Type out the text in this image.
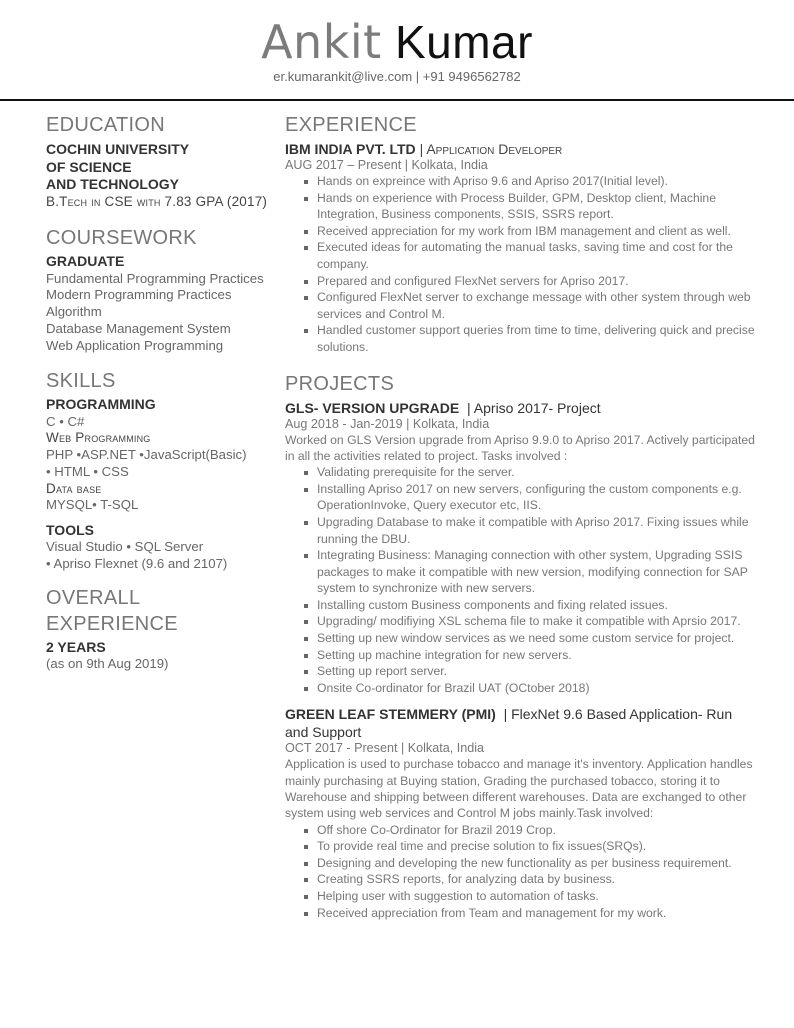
Ankit Kumar
er.kumarankit@live.com | +91 9496562782
EDUCATION
COCHIN UNIVERSITY
OF SCIENCE
AND TECHNOLOGY
B.Tech in CSE with 7.83 GPA (2017)
COURSEWORK
GRADUATE
Fundamental Programming Practices
Modern Programming Practices
Algorithm
Database Management System
Web Application Programming
SKILLS
PROGRAMMING
C • C#
Web Programming
PHP •ASP.NET •JavaScript(Basic)
• HTML • CSS
Data base
MYSQL• T-SQL
TOOLS
Visual Studio • SQL Server
• Apriso Flexnet (9.6 and 2107)
OVERALL EXPERIENCE
2 YEARS
(as on 9th Aug 2019)
EXPERIENCE
IBM INDIA PVT. LTD | Application Developer
AUG 2017 – Present | Kolkata, India
Hands on expreince with Apriso 9.6 and Apriso 2017(Initial level).
Hands on experience with Process Builder, GPM, Desktop client, Machine Integration, Business components, SSIS, SSRS report.
Received appreciation for my work from IBM management and client as well.
Executed ideas for automating the manual tasks, saving time and cost for the company.
Prepared and configured FlexNet servers for Apriso 2017.
Configured FlexNet server to exchange message with other system through web services and Control M.
Handled customer support queries from time to time, delivering quick and precise solutions.
PROJECTS
GLS- VERSION UPGRADE | Apriso 2017- Project
Aug 2018 - Jan-2019 | Kolkata, India
Worked on GLS Version upgrade from Apriso 9.9.0 to Apriso 2017. Actively participated in all the activities related to project. Tasks involved :
Validating prerequisite for the server.
Installing Apriso 2017 on new servers, configuring the custom components e.g. OperationInvoke, Query executor etc, IIS.
Upgrading Database to make it compatible with Apriso 2017. Fixing issues while running the DBU.
Integrating Business: Managing connection with other system, Upgrading SSIS packages to make it compatible with new version, modifying connection for SAP system to synchronize with new servers.
Installing custom Business components and fixing related issues.
Upgrading/ modifiying XSL schema file to make it compatible with Aprsio 2017.
Setting up new window services as we need some custom service for project.
Setting up machine integration for new servers.
Setting up report server.
Onsite Co-ordinator for Brazil UAT (OCtober 2018)
GREEN LEAF STEMMERY (PMI) | FlexNet 9.6 Based Application- Run and Support
OCT 2017 - Present | Kolkata, India
Application is used to purchase tobacco and manage it's inventory. Application handles mainly purchasing at Buying station, Grading the purchased tobacco, storing it to Warehouse and shipping between different warehouses. Data are exchanged to other system using web services and Control M jobs mainly.Task involved:
Off shore Co-Ordinator for Brazil 2019 Crop.
To provide real time and precise solution to fix issues(SRQs).
Designing and developing the new functionality as per business requirement.
Creating SSRS reports, for analyzing data by business.
Helping user with suggestion to automation of tasks.
Received appreciation from Team and management for my work.
